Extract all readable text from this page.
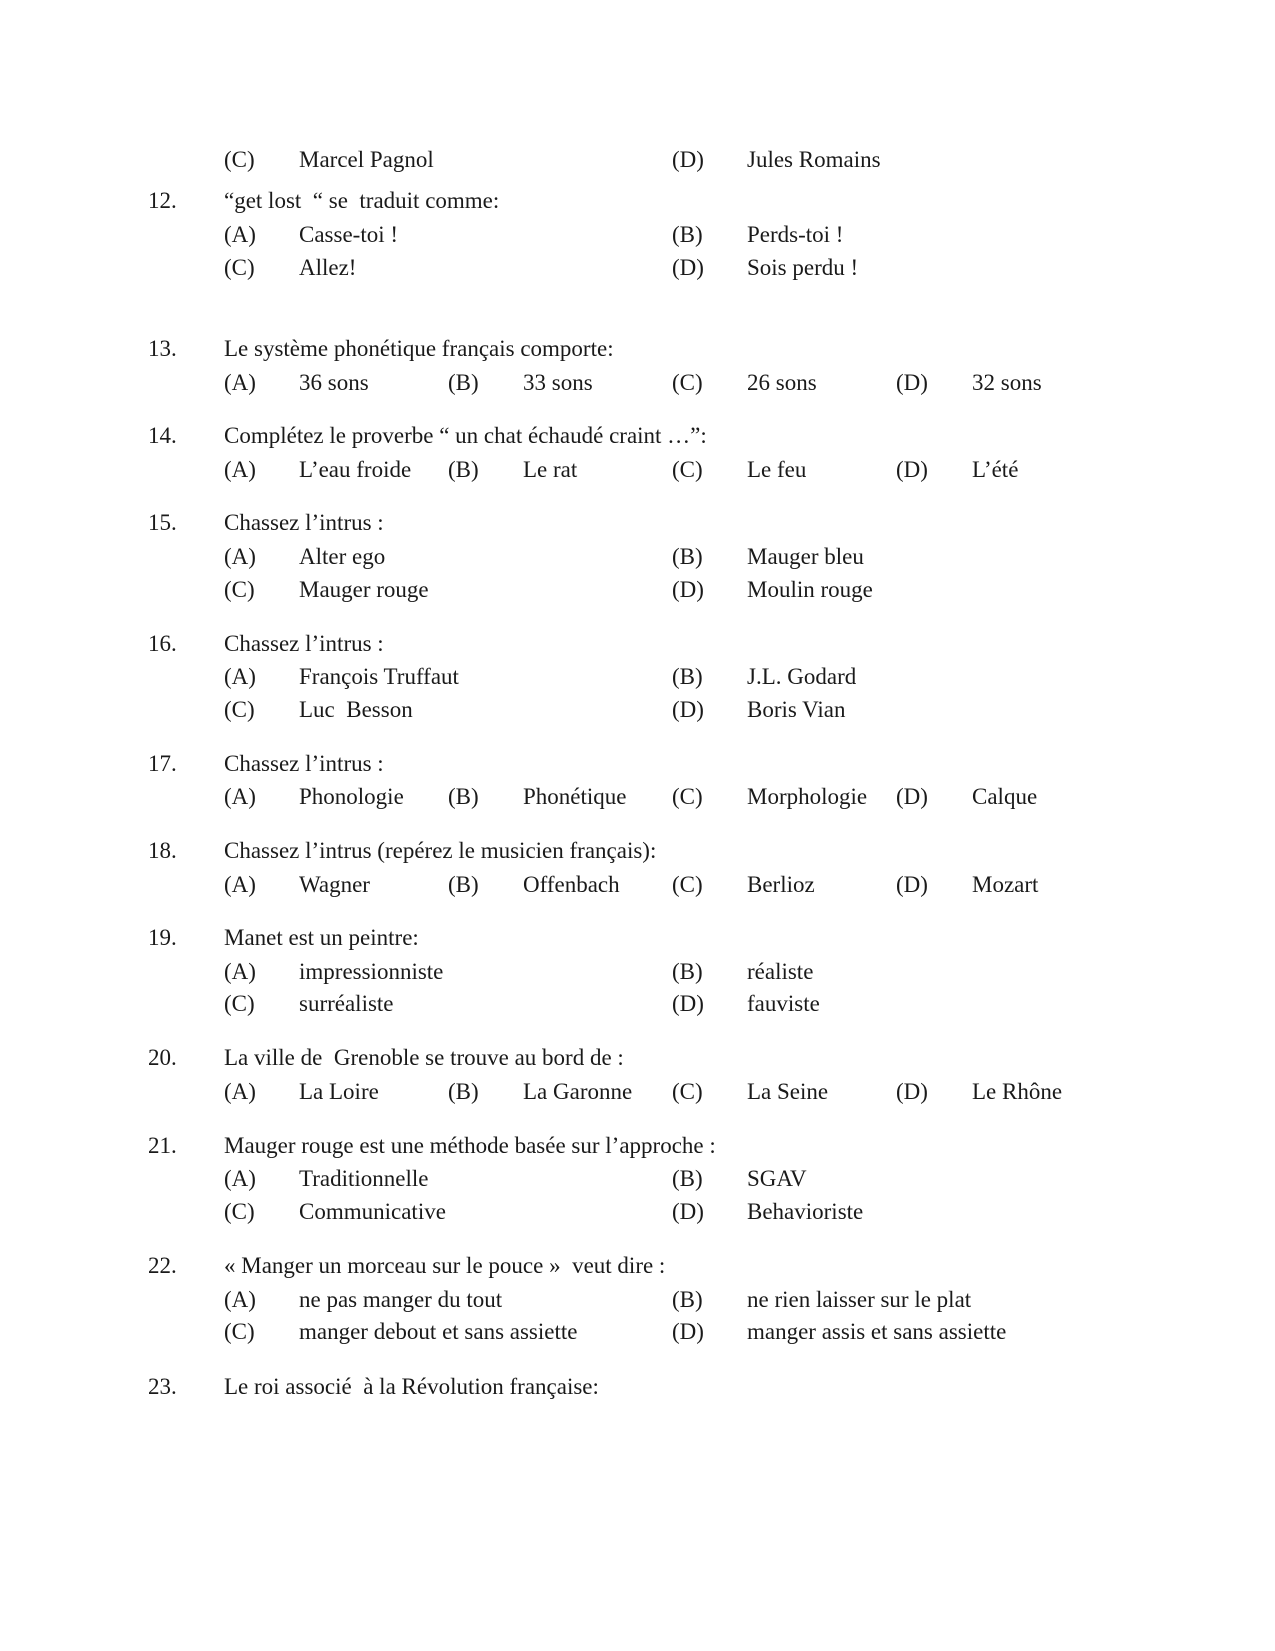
(C) Marcel Pagnol	(D) Jules Romains

12. “get lost  “ se  traduit comme:

(A) Casse-toi !	(B) Perds-toi !

(C) Allez!	(D) Sois perdu !

13. Le système phonétique français comporte:

(A) 36 sons	(B) 33 sons	(C) 26 sons	(D) 32 sons

14. Complétez le proverbe “ un chat échaudé craint …”:

(A) L’eau froide (B) Le rat	(C) Le feu	(D) L’été

15. Chassez l’intrus :

(A) Alter ego	(B) Mauger bleu

(C) Mauger rouge	(D) Moulin rouge

16. Chassez l’intrus :

(A) François Truffaut	(B) J.L. Godard

(C) Luc  Besson	(D) Boris Vian

17. Chassez l’intrus :

(A) Phonologie (B) Phonétique (C) Morphologie (D) Calque

18. Chassez l’intrus (repérez le musicien français):

(A) Wagner	(B) Offenbach (C) Berlioz	(D) Mozart

19. Manet est un peintre:

(A) impressionniste	(B) réaliste

(C) surréaliste	(D) fauviste

20. La ville de  Grenoble se trouve au bord de :

(A) La Loire	(B) La Garonne (C) La Seine	(D) Le Rhône

21. Mauger rouge est une méthode basée sur l’approche :

(A) Traditionnelle	(B) SGAV

(C) Communicative	(D) Behavioriste

22. « Manger un morceau sur le pouce »  veut dire :

(A) ne pas manger du tout	(B) ne rien laisser sur le plat

(C) manger debout et sans assiette	(D) manger assis et sans assiette

23. Le roi associé  à la Révolution française:
